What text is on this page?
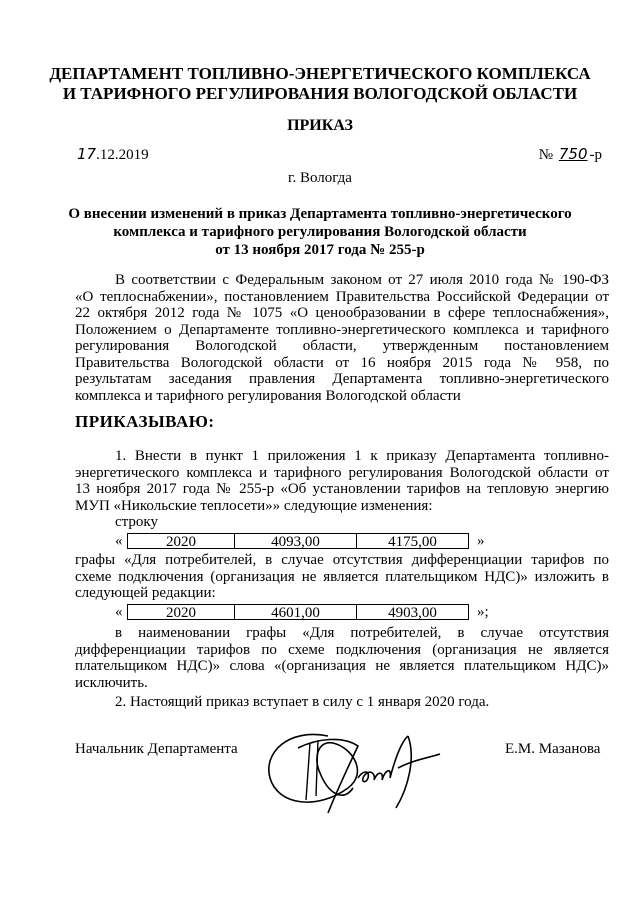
ДЕПАРТАМЕНТ ТОПЛИВНО-ЭНЕРГЕТИЧЕСКОГО КОМПЛЕКСА
И ТАРИФНОГО РЕГУЛИРОВАНИЯ ВОЛОГОДСКОЙ ОБЛАСТИ
ПРИКАЗ
17.12.2019	№ 750 -р
г. Вологда
О внесении изменений в приказ Департамента топливно-энергетического
комплекса и тарифного регулирования Вологодской области
от 13 ноября 2017 года № 255-р
В соответствии с Федеральным законом от 27 июля 2010 года № 190-ФЗ
«О теплоснабжении», постановлением Правительства Российской Федерации от
22 октября 2012 года № 1075 «О ценообразовании в сфере теплоснабжения»,
Положением о Департаменте топливно-энергетического комплекса и тарифного
регулирования Вологодской области, утвержденным постановлением
Правительства Вологодской области от 16 ноября 2015 года № 958, по
результатам заседания правления Департамента топливно-энергетического
комплекса и тарифного регулирования Вологодской области
ПРИКАЗЫВАЮ:
1. Внести в пункт 1 приложения 1 к приказу Департамента топливно-
энергетического комплекса и тарифного регулирования Вологодской области от
13 ноября 2017 года № 255-р «Об установлении тарифов на тепловую энергию
МУП «Никольские теплосети»» следующие изменения:
строку
«	2020	4093,00	4175,00	»
графы «Для потребителей, в случае отсутствия дифференциации тарифов по
схеме подключения (организация не является плательщиком НДС)» изложить в
следующей редакции:
«	2020	4601,00	4903,00	»;
в наименовании графы «Для потребителей, в случае отсутствия
дифференциации тарифов по схеме подключения (организация не является
плательщиком НДС)» слова «(организация не является плательщиком НДС)»
исключить.
2. Настоящий приказ вступает в силу с 1 января 2020 года.
Начальник Департамента	Е.М. Мазанова
